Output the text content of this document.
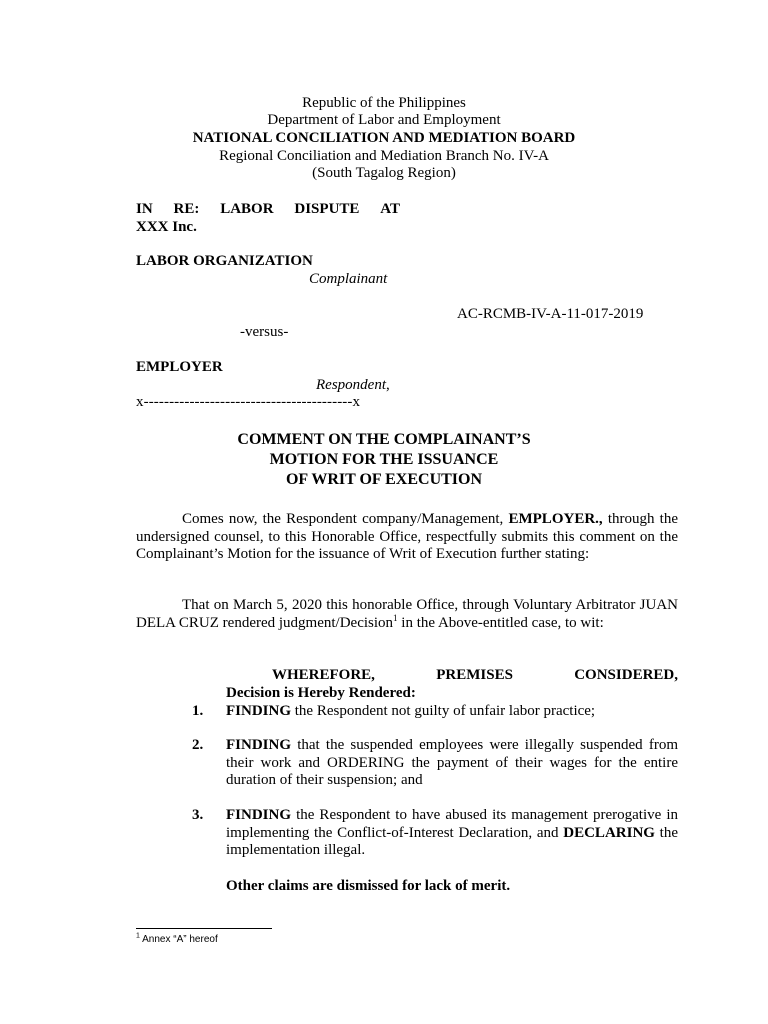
Republic of the Philippines
Department of Labor and Employment
NATIONAL CONCILIATION AND MEDIATION BOARD
Regional Conciliation and Mediation Branch No. IV-A
(South Tagalog Region)
IN RE: LABOR DISPUTE AT
XXX Inc.
LABOR ORGANIZATION
Complainant
AC-RCMB-IV-A-11-017-2019
-versus-
EMPLOYER
Respondent,
x-----------------------------------------x
COMMENT ON THE COMPLAINANT’S
MOTION FOR THE ISSUANCE
OF WRIT OF EXECUTION
Comes now, the Respondent company/Management, EMPLOYER., through the undersigned counsel, to this Honorable Office, respectfully submits this comment on the Complainant’s Motion for the issuance of Writ of Execution further stating:
That on March 5, 2020 this honorable Office, through Voluntary Arbitrator JUAN DELA CRUZ rendered judgment/Decision$^1$ in the Above-entitled case, to wit:
WHEREFORE,	PREMISES	CONSIDERED,
Decision is Hereby Rendered:
1. FINDING the Respondent not guilty of unfair labor practice;
2. FINDING that the suspended employees were illegally suspended from their work and ORDERING the payment of their wages for the entire duration of their suspension; and
3. FINDING the Respondent to have abused its management prerogative in implementing the Conflict-of-Interest Declaration, and DECLARING the implementation illegal.
Other claims are dismissed for lack of merit.
$^1$ Annex “A” hereof
